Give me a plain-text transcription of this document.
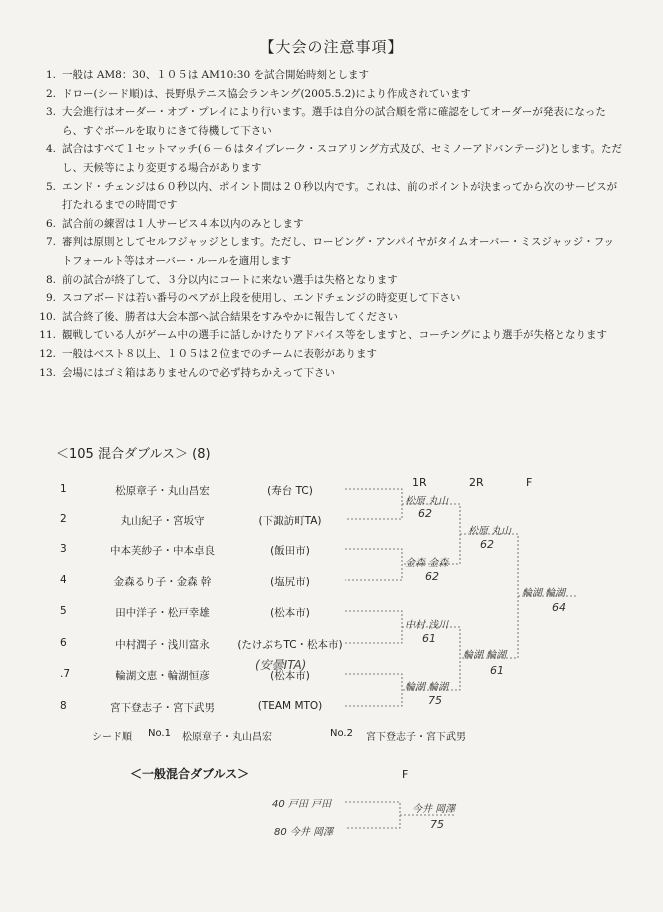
【大会の注意事項】
1. 一般は AM8：30、１０５は AM10:30 を試合開始時刻とします
2. ドロー(シード順)は、長野県テニス協会ランキング(2005.5.2)により作成されています
3. 大会進行はオーダー・オブ・プレイにより行います。選手は自分の試合順を常に確認をしてオーダーが発表になったら、すぐボールを取りにきて待機して下さい
4. 試合はすべて１セットマッチ(６－６はタイブレーク・スコアリング方式及び、セミノーアドバンテージ)とします。ただし、天候等により変更する場合があります
5. エンド・チェンジは６０秒以内、ポイント間は２０秒以内です。これは、前のポイントが決まってから次のサービスが打たれるまでの時間です
6. 試合前の練習は１人サービス４本以内のみとします
7. 審判は原則としてセルフジャッジとします。ただし、ロービング・アンパイヤがタイムオーバー・ミスジャッジ・フットフォールト等はオーバー・ルールを適用します
8. 前の試合が終了して、３分以内にコートに来ない選手は失格となります
9. スコアボードは若い番号のペアが上段を使用し、エンドチェンジの時変更して下さい
10. 試合終了後、勝者は大会本部へ試合結果をすみやかに報告してください
11. 観戦している人がゲーム中の選手に話しかけたりアドバイス等をしますと、コーチングにより選手が失格となります
12. 一般はベスト８以上、１０５は２位までのチームに表彰があります
13. 会場にはゴミ箱はありませんので必ず持ちかえって下さい
＜105 混合ダブルス＞ (8)
1R	2R	F
1	松原章子・丸山昌宏	(寿台 TC)
2	丸山紀子・宮坂守	(下諏訪町TA)
3	中本芙紗子・中本卓良	(飯田市)
4	金森るり子・金森 幹	(塩尻市)
5	田中洋子・松戸幸雄	(松本市)
6	中村潤子・浅川富永	(たけぶちTC・松本市)
.7	輪湖文恵・輪湖恒彦	(松本市)
8	宮下登志子・宮下武男	(TEAM MTO)
(安曇ITA)
松原 丸山
62
金森 金森
62
中村 浅川
61
輪湖 輪湖
75
松原 丸山
62
輪湖 輪湖
61
輪湖 輪湖
64
シード順 No.1 松原章子・丸山昌宏	No.2 宮下登志子・宮下武男
＜一般混合ダブルス＞	F
40 戸田 戸田
80 今井 岡澤
今井 岡澤
75
